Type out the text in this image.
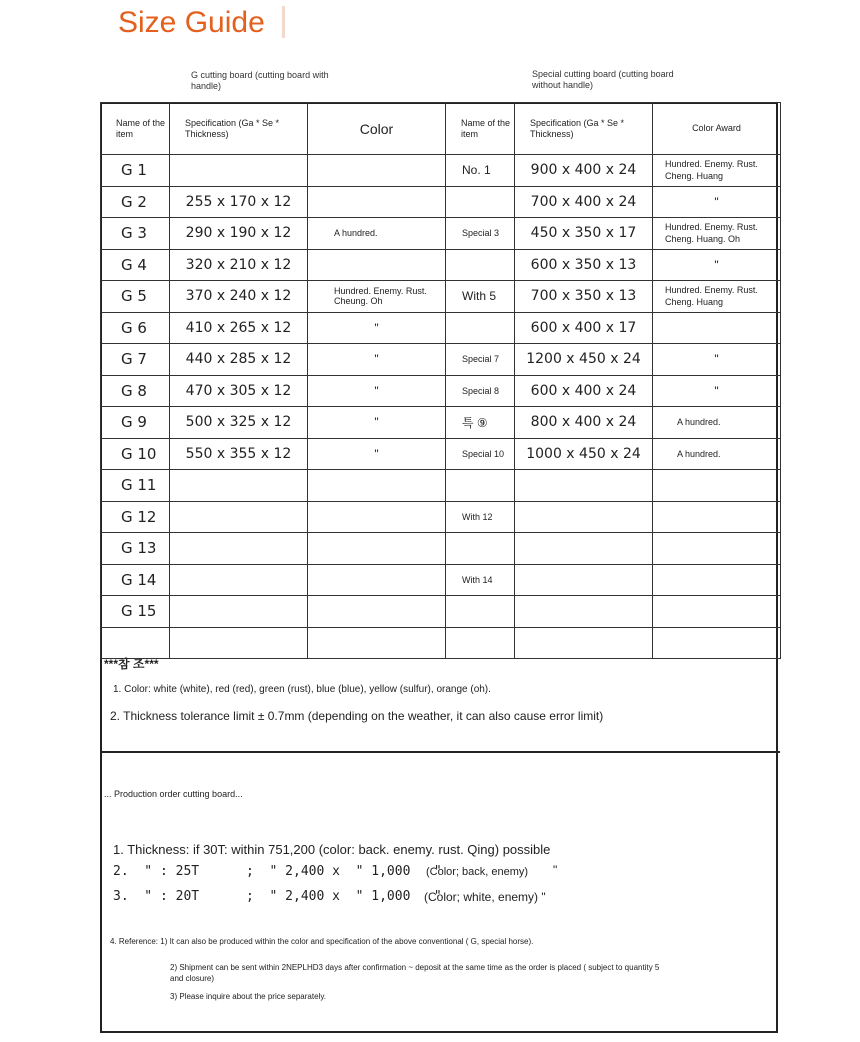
Size Guide
G cutting board (cutting board with handle)
Special cutting board (cutting board without handle)
Name of the item	Specification (Ga * Se * Thickness)	Color	Name of the item	Specification (Ga * Se * Thickness)	Color Award
G 1			No. 1	900 x 400 x 24	Hundred. Enemy. Rust. Cheng. Huang
G 2	255 x 170 x 12			700 x 400 x 24	"
G 3	290 x 190 x 12	A hundred.	Special 3	450 x 350 x 17	Hundred. Enemy. Rust. Cheng. Huang. Oh
G 4	320 x 210 x 12			600 x 350 x 13	"
G 5	370 x 240 x 12	Hundred. Enemy. Rust. Cheung. Oh	With 5	700 x 350 x 13	Hundred. Enemy. Rust. Cheng. Huang
G 6	410 x 265 x 12	"		600 x 400 x 17	
G 7	440 x 285 x 12	"	Special 7	1200 x 450 x 24	"
G 8	470 x 305 x 12	"	Special 8	600 x 400 x 24	"
G 9	500 x 325 x 12	"	특 ⑨	800 x 400 x 24	A hundred.
G 10	550 x 355 x 12	"	Special 10	1000 x 450 x 24	A hundred.
G 11					
G 12			With 12		
G 13					
G 14			With 14		
G 15					

***참 조***
1. Color: white (white), red (red), green (rust), blue (blue), yellow (sulfur), orange (oh).
2. Thickness tolerance limit ± 0.7mm (depending on the weather, it can also cause error limit)
... Production order cutting board...
1. Thickness: if 30T: within 751,200 (color: back. enemy. rust. Qing) possible
2.  " : 25T      ;  " 2,400 x  " 1,000   "
(Color; back, enemy) "
3.  " : 20T      ;  " 2,400 x  " 1,000   "
(Color; white, enemy) "
4. Reference: 1) It can also be produced within the color and specification of the above conventional ( G, special horse).
2) Shipment can be sent within 2NEPLHD3 days after confirmation ~ deposit at the same time as the order is placed ( subject to quantity 5 and closure)
3) Please inquire about the price separately.
